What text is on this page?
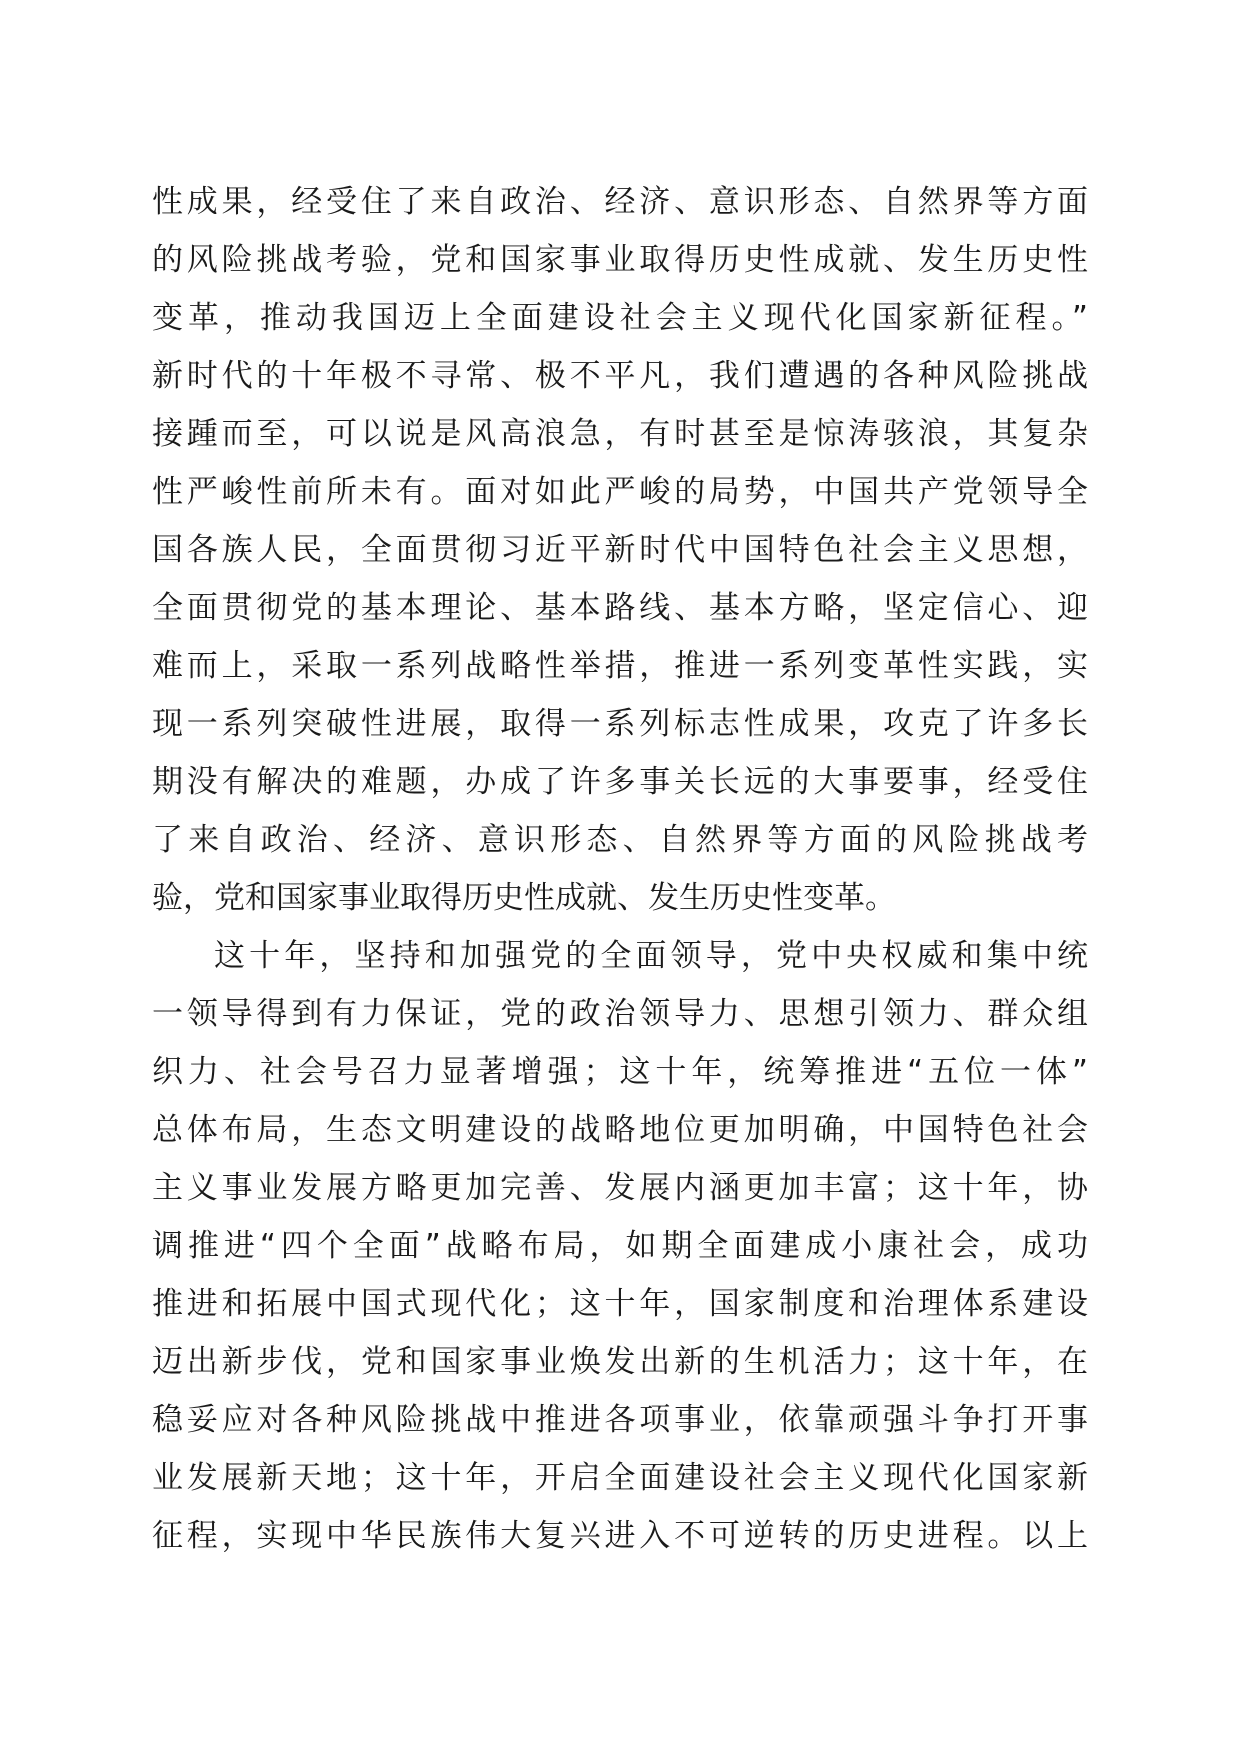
性成果，经受住了来自政治、经济、意识形态、自然界等方面
的风险挑战考验，党和国家事业取得历史性成就、发生历史性
变革，推动我国迈上全面建设社会主义现代化国家新征程。”
新时代的十年极不寻常、极不平凡，我们遭遇的各种风险挑战
接踵而至，可以说是风高浪急，有时甚至是惊涛骇浪，其复杂
性严峻性前所未有。面对如此严峻的局势，中国共产党领导全
国各族人民，全面贯彻习近平新时代中国特色社会主义思想，
全面贯彻党的基本理论、基本路线、基本方略，坚定信心、迎
难而上，采取一系列战略性举措，推进一系列变革性实践，实
现一系列突破性进展，取得一系列标志性成果，攻克了许多长
期没有解决的难题，办成了许多事关长远的大事要事，经受住
了来自政治、经济、意识形态、自然界等方面的风险挑战考
验，党和国家事业取得历史性成就、发生历史性变革。
这十年，坚持和加强党的全面领导，党中央权威和集中统
一领导得到有力保证，党的政治领导力、思想引领力、群众组
织力、社会号召力显著增强；这十年，统筹推进“五位一体”
总体布局，生态文明建设的战略地位更加明确，中国特色社会
主义事业发展方略更加完善、发展内涵更加丰富；这十年，协
调推进“四个全面”战略布局，如期全面建成小康社会，成功
推进和拓展中国式现代化；这十年，国家制度和治理体系建设
迈出新步伐，党和国家事业焕发出新的生机活力；这十年，在
稳妥应对各种风险挑战中推进各项事业，依靠顽强斗争打开事
业发展新天地；这十年，开启全面建设社会主义现代化国家新
征程，实现中华民族伟大复兴进入不可逆转的历史进程。以上
